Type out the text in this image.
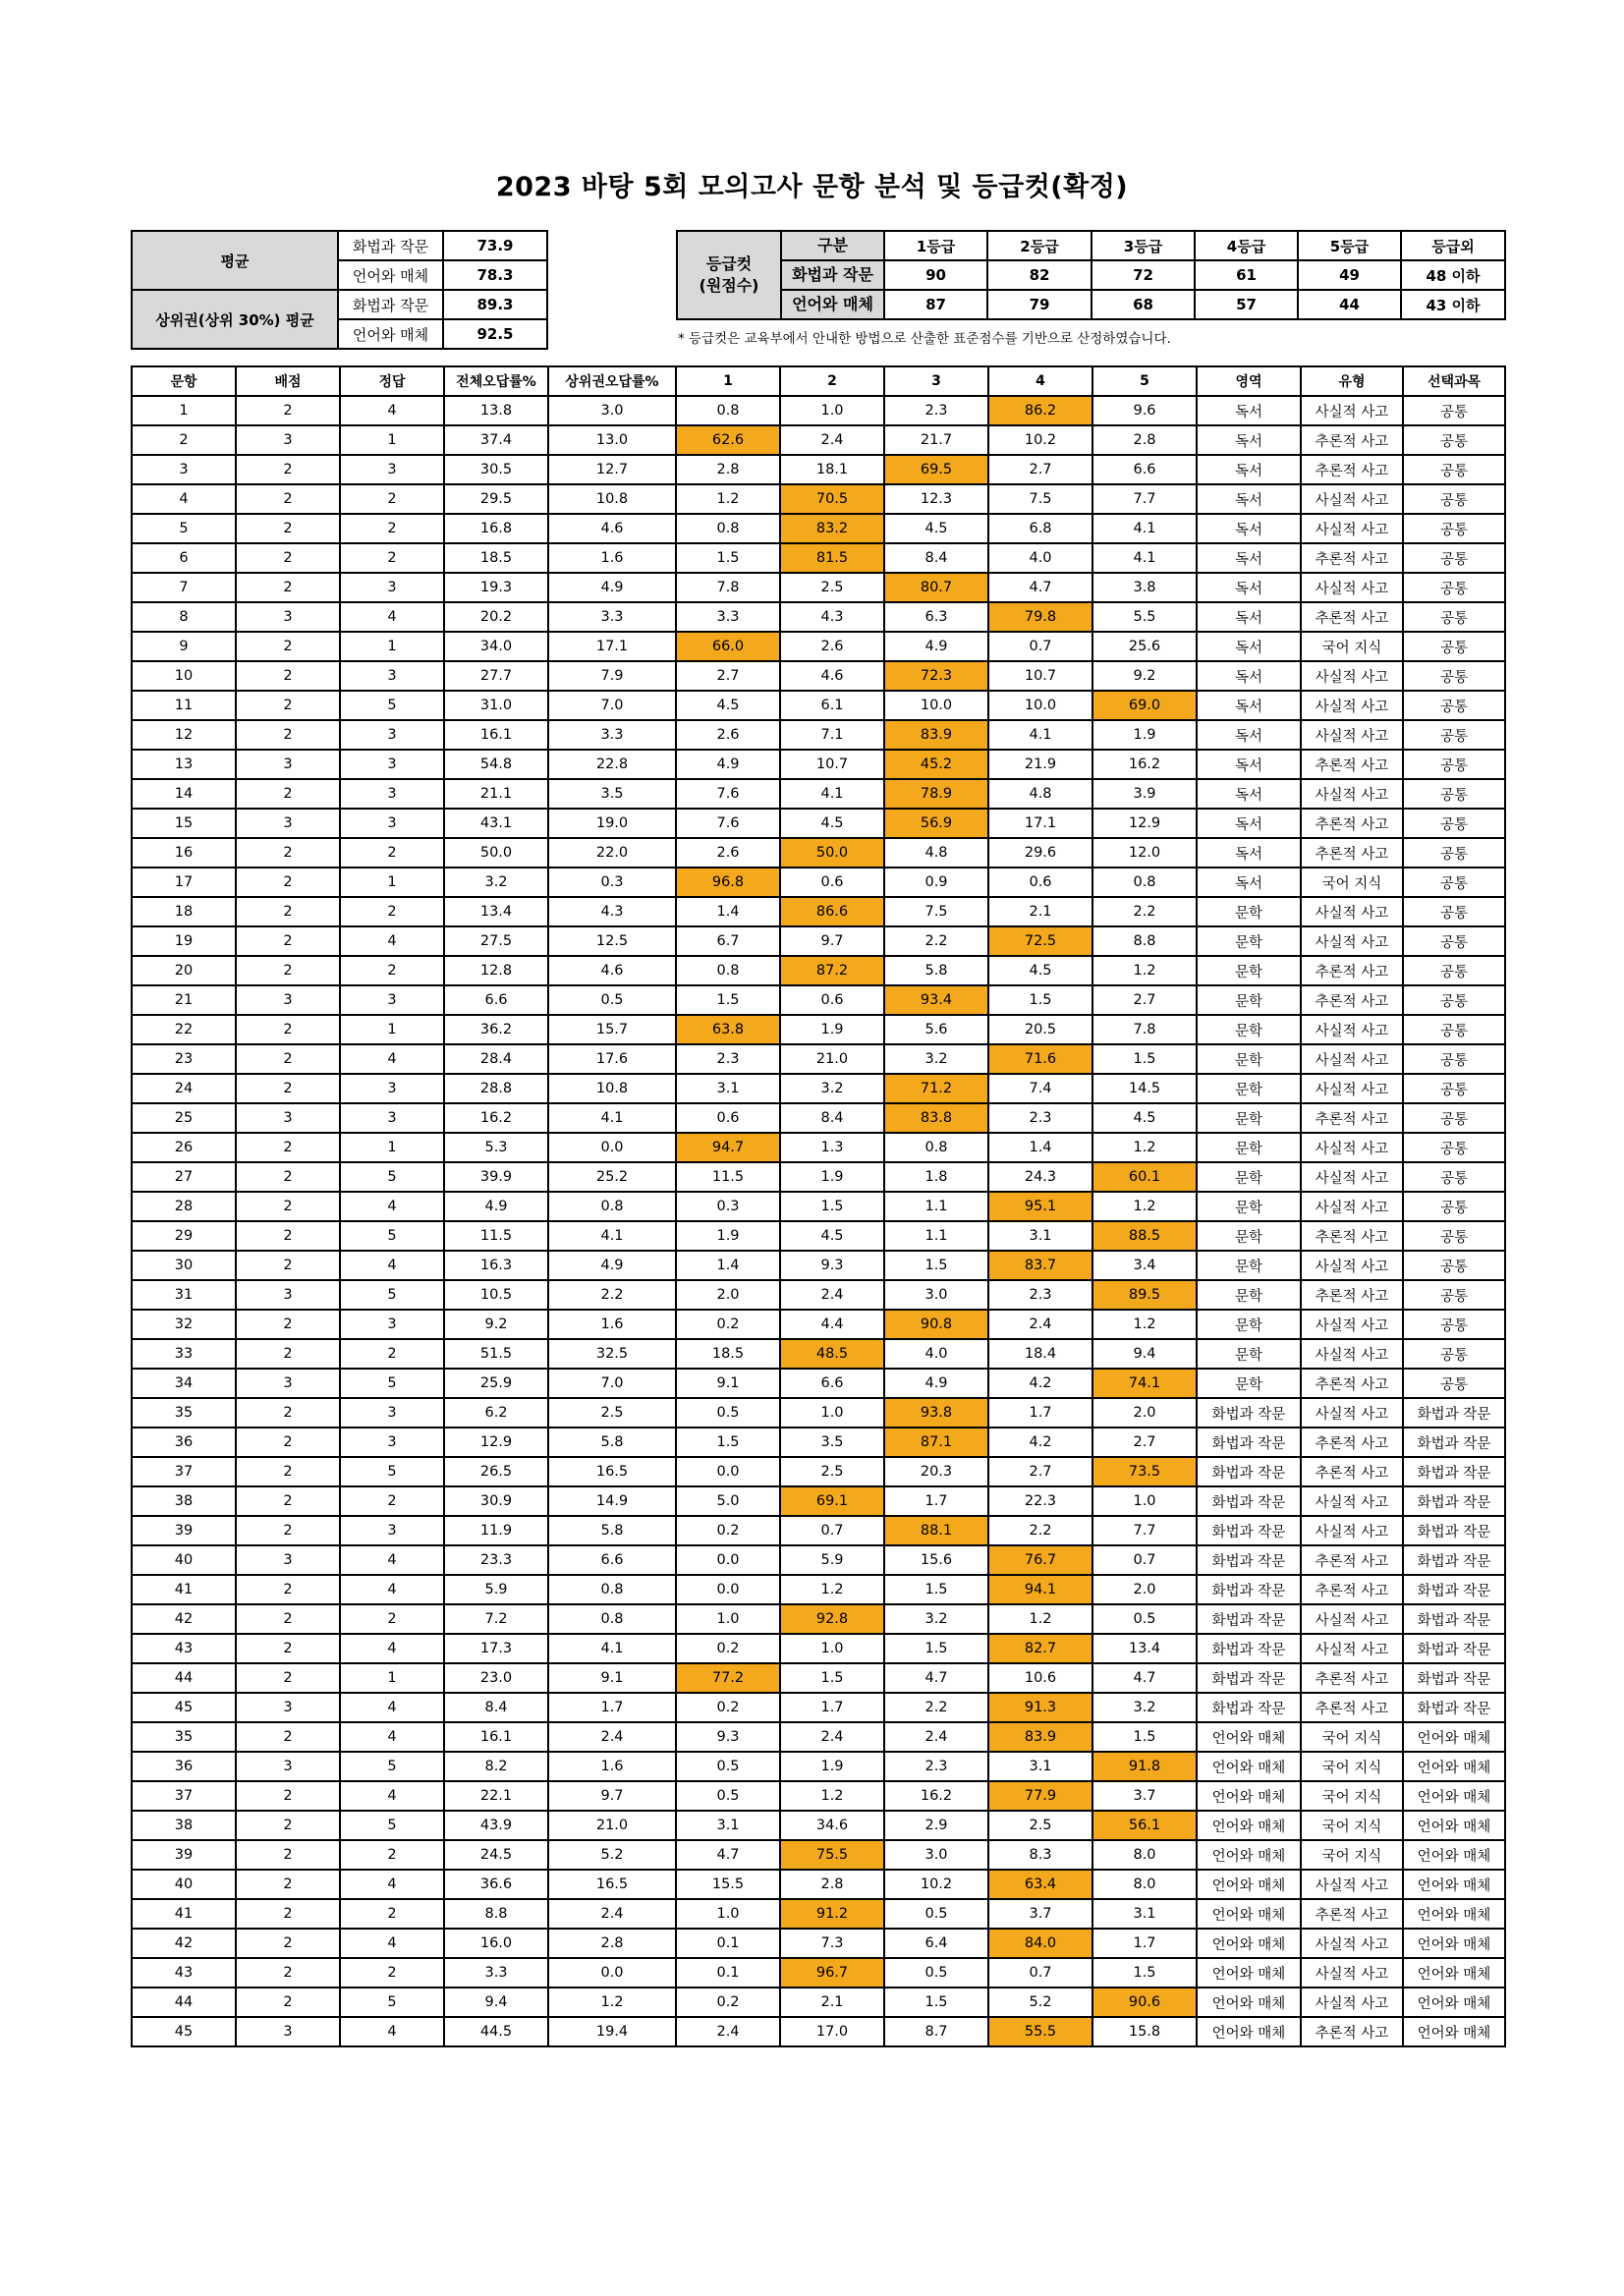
2023 바탕 5회 모의고사 문항 분석 및 등급컷(확정)
평균	화법과 작문	73.9
	언어와 매체	78.3
상위권(상위 30%) 평균	화법과 작문	89.3
	언어와 매체	92.5
등급컷
(원점수)	구분	1등급	2등급	3등급	4등급	5등급	등급외
	화법과 작문	90	82	72	61	49	48 이하
	언어와 매체	87	79	68	57	44	43 이하
* 등급컷은 교육부에서 안내한 방법으로 산출한 표준점수를 기반으로 산정하였습니다.
문항	배점	정답	전체오답률%	상위권오답률%	1	2	3	4	5	영역	유형	선택과목
1	2	4	13.8	3.0	0.8	1.0	2.3	86.2	9.6	독서	사실적 사고	공통
2	3	1	37.4	13.0	62.6	2.4	21.7	10.2	2.8	독서	추론적 사고	공통
3	2	3	30.5	12.7	2.8	18.1	69.5	2.7	6.6	독서	추론적 사고	공통
4	2	2	29.5	10.8	1.2	70.5	12.3	7.5	7.7	독서	사실적 사고	공통
5	2	2	16.8	4.6	0.8	83.2	4.5	6.8	4.1	독서	사실적 사고	공통
6	2	2	18.5	1.6	1.5	81.5	8.4	4.0	4.1	독서	추론적 사고	공통
7	2	3	19.3	4.9	7.8	2.5	80.7	4.7	3.8	독서	사실적 사고	공통
8	3	4	20.2	3.3	3.3	4.3	6.3	79.8	5.5	독서	추론적 사고	공통
9	2	1	34.0	17.1	66.0	2.6	4.9	0.7	25.6	독서	국어 지식	공통
10	2	3	27.7	7.9	2.7	4.6	72.3	10.7	9.2	독서	사실적 사고	공통
11	2	5	31.0	7.0	4.5	6.1	10.0	10.0	69.0	독서	사실적 사고	공통
12	2	3	16.1	3.3	2.6	7.1	83.9	4.1	1.9	독서	사실적 사고	공통
13	3	3	54.8	22.8	4.9	10.7	45.2	21.9	16.2	독서	추론적 사고	공통
14	2	3	21.1	3.5	7.6	4.1	78.9	4.8	3.9	독서	사실적 사고	공통
15	3	3	43.1	19.0	7.6	4.5	56.9	17.1	12.9	독서	추론적 사고	공통
16	2	2	50.0	22.0	2.6	50.0	4.8	29.6	12.0	독서	추론적 사고	공통
17	2	1	3.2	0.3	96.8	0.6	0.9	0.6	0.8	독서	국어 지식	공통
18	2	2	13.4	4.3	1.4	86.6	7.5	2.1	2.2	문학	사실적 사고	공통
19	2	4	27.5	12.5	6.7	9.7	2.2	72.5	8.8	문학	사실적 사고	공통
20	2	2	12.8	4.6	0.8	87.2	5.8	4.5	1.2	문학	추론적 사고	공통
21	3	3	6.6	0.5	1.5	0.6	93.4	1.5	2.7	문학	추론적 사고	공통
22	2	1	36.2	15.7	63.8	1.9	5.6	20.5	7.8	문학	사실적 사고	공통
23	2	4	28.4	17.6	2.3	21.0	3.2	71.6	1.5	문학	사실적 사고	공통
24	2	3	28.8	10.8	3.1	3.2	71.2	7.4	14.5	문학	사실적 사고	공통
25	3	3	16.2	4.1	0.6	8.4	83.8	2.3	4.5	문학	추론적 사고	공통
26	2	1	5.3	0.0	94.7	1.3	0.8	1.4	1.2	문학	사실적 사고	공통
27	2	5	39.9	25.2	11.5	1.9	1.8	24.3	60.1	문학	사실적 사고	공통
28	2	4	4.9	0.8	0.3	1.5	1.1	95.1	1.2	문학	사실적 사고	공통
29	2	5	11.5	4.1	1.9	4.5	1.1	3.1	88.5	문학	추론적 사고	공통
30	2	4	16.3	4.9	1.4	9.3	1.5	83.7	3.4	문학	사실적 사고	공통
31	3	5	10.5	2.2	2.0	2.4	3.0	2.3	89.5	문학	추론적 사고	공통
32	2	3	9.2	1.6	0.2	4.4	90.8	2.4	1.2	문학	사실적 사고	공통
33	2	2	51.5	32.5	18.5	48.5	4.0	18.4	9.4	문학	사실적 사고	공통
34	3	5	25.9	7.0	9.1	6.6	4.9	4.2	74.1	문학	추론적 사고	공통
35	2	3	6.2	2.5	0.5	1.0	93.8	1.7	2.0	화법과 작문	사실적 사고	화법과 작문
36	2	3	12.9	5.8	1.5	3.5	87.1	4.2	2.7	화법과 작문	추론적 사고	화법과 작문
37	2	5	26.5	16.5	0.0	2.5	20.3	2.7	73.5	화법과 작문	추론적 사고	화법과 작문
38	2	2	30.9	14.9	5.0	69.1	1.7	22.3	1.0	화법과 작문	사실적 사고	화법과 작문
39	2	3	11.9	5.8	0.2	0.7	88.1	2.2	7.7	화법과 작문	사실적 사고	화법과 작문
40	3	4	23.3	6.6	0.0	5.9	15.6	76.7	0.7	화법과 작문	추론적 사고	화법과 작문
41	2	4	5.9	0.8	0.0	1.2	1.5	94.1	2.0	화법과 작문	추론적 사고	화법과 작문
42	2	2	7.2	0.8	1.0	92.8	3.2	1.2	0.5	화법과 작문	사실적 사고	화법과 작문
43	2	4	17.3	4.1	0.2	1.0	1.5	82.7	13.4	화법과 작문	사실적 사고	화법과 작문
44	2	1	23.0	9.1	77.2	1.5	4.7	10.6	4.7	화법과 작문	추론적 사고	화법과 작문
45	3	4	8.4	1.7	0.2	1.7	2.2	91.3	3.2	화법과 작문	추론적 사고	화법과 작문
35	2	4	16.1	2.4	9.3	2.4	2.4	83.9	1.5	언어와 매체	국어 지식	언어와 매체
36	3	5	8.2	1.6	0.5	1.9	2.3	3.1	91.8	언어와 매체	국어 지식	언어와 매체
37	2	4	22.1	9.7	0.5	1.2	16.2	77.9	3.7	언어와 매체	국어 지식	언어와 매체
38	2	5	43.9	21.0	3.1	34.6	2.9	2.5	56.1	언어와 매체	국어 지식	언어와 매체
39	2	2	24.5	5.2	4.7	75.5	3.0	8.3	8.0	언어와 매체	국어 지식	언어와 매체
40	2	4	36.6	16.5	15.5	2.8	10.2	63.4	8.0	언어와 매체	사실적 사고	언어와 매체
41	2	2	8.8	2.4	1.0	91.2	0.5	3.7	3.1	언어와 매체	추론적 사고	언어와 매체
42	2	4	16.0	2.8	0.1	7.3	6.4	84.0	1.7	언어와 매체	사실적 사고	언어와 매체
43	2	2	3.3	0.0	0.1	96.7	0.5	0.7	1.5	언어와 매체	사실적 사고	언어와 매체
44	2	5	9.4	1.2	0.2	2.1	1.5	5.2	90.6	언어와 매체	사실적 사고	언어와 매체
45	3	4	44.5	19.4	2.4	17.0	8.7	55.5	15.8	언어와 매체	추론적 사고	언어와 매체
